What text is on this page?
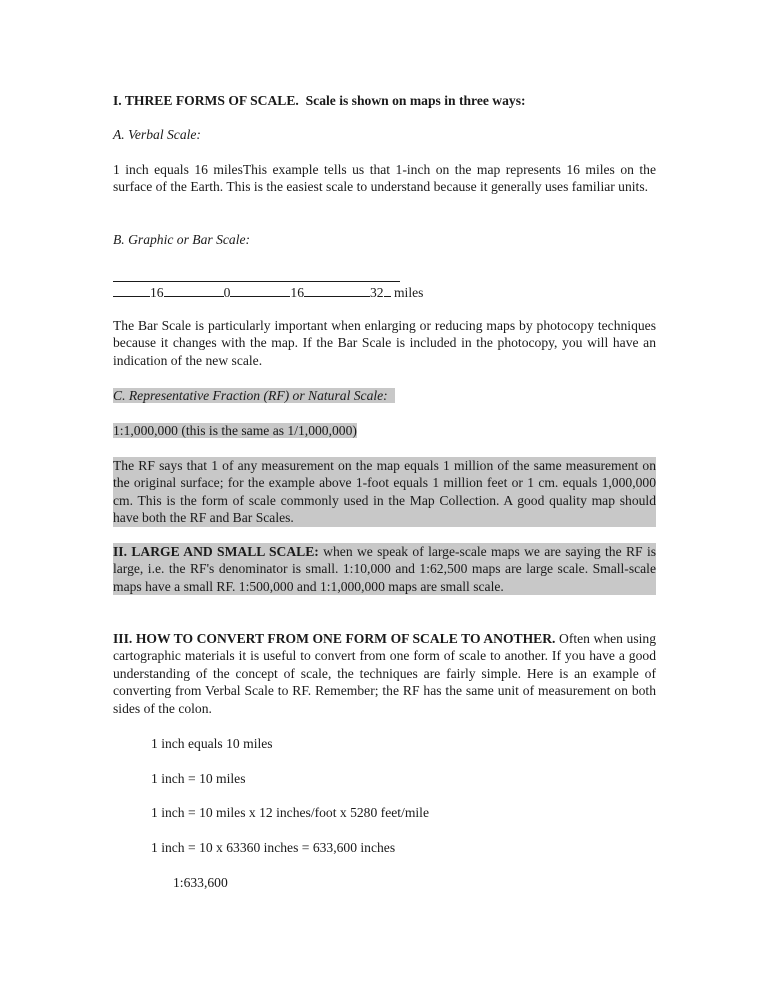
I. THREE FORMS OF SCALE. Scale is shown on maps in three ways:
A. Verbal Scale:
1 inch equals 16 milesThis example tells us that 1-inch on the map represents 16 miles on the surface of the Earth. This is the easiest scale to understand because it generally uses familiar units.
B. Graphic or Bar Scale:
16	0	16	32 miles
The Bar Scale is particularly important when enlarging or reducing maps by photocopy techniques because it changes with the map. If the Bar Scale is included in the photocopy, you will have an indication of the new scale.
C. Representative Fraction (RF) or Natural Scale:
1:1,000,000 (this is the same as 1/1,000,000)
The RF says that 1 of any measurement on the map equals 1 million of the same measurement on the original surface; for the example above 1-foot equals 1 million feet or 1 cm. equals 1,000,000 cm. This is the form of scale commonly used in the Map Collection. A good quality map should have both the RF and Bar Scales.
II. LARGE AND SMALL SCALE: when we speak of large-scale maps we are saying the RF is large, i.e. the RF's denominator is small. 1:10,000 and 1:62,500 maps are large scale. Small-scale maps have a small RF. 1:500,000 and 1:1,000,000 maps are small scale.
III. HOW TO CONVERT FROM ONE FORM OF SCALE TO ANOTHER. Often when using cartographic materials it is useful to convert from one form of scale to another. If you have a good understanding of the concept of scale, the techniques are fairly simple. Here is an example of converting from Verbal Scale to RF. Remember; the RF has the same unit of measurement on both sides of the colon.
1 inch equals 10 miles
1 inch = 10 miles
1 inch = 10 miles x 12 inches/foot x 5280 feet/mile
1 inch = 10 x 63360 inches = 633,600 inches
1:633,600
